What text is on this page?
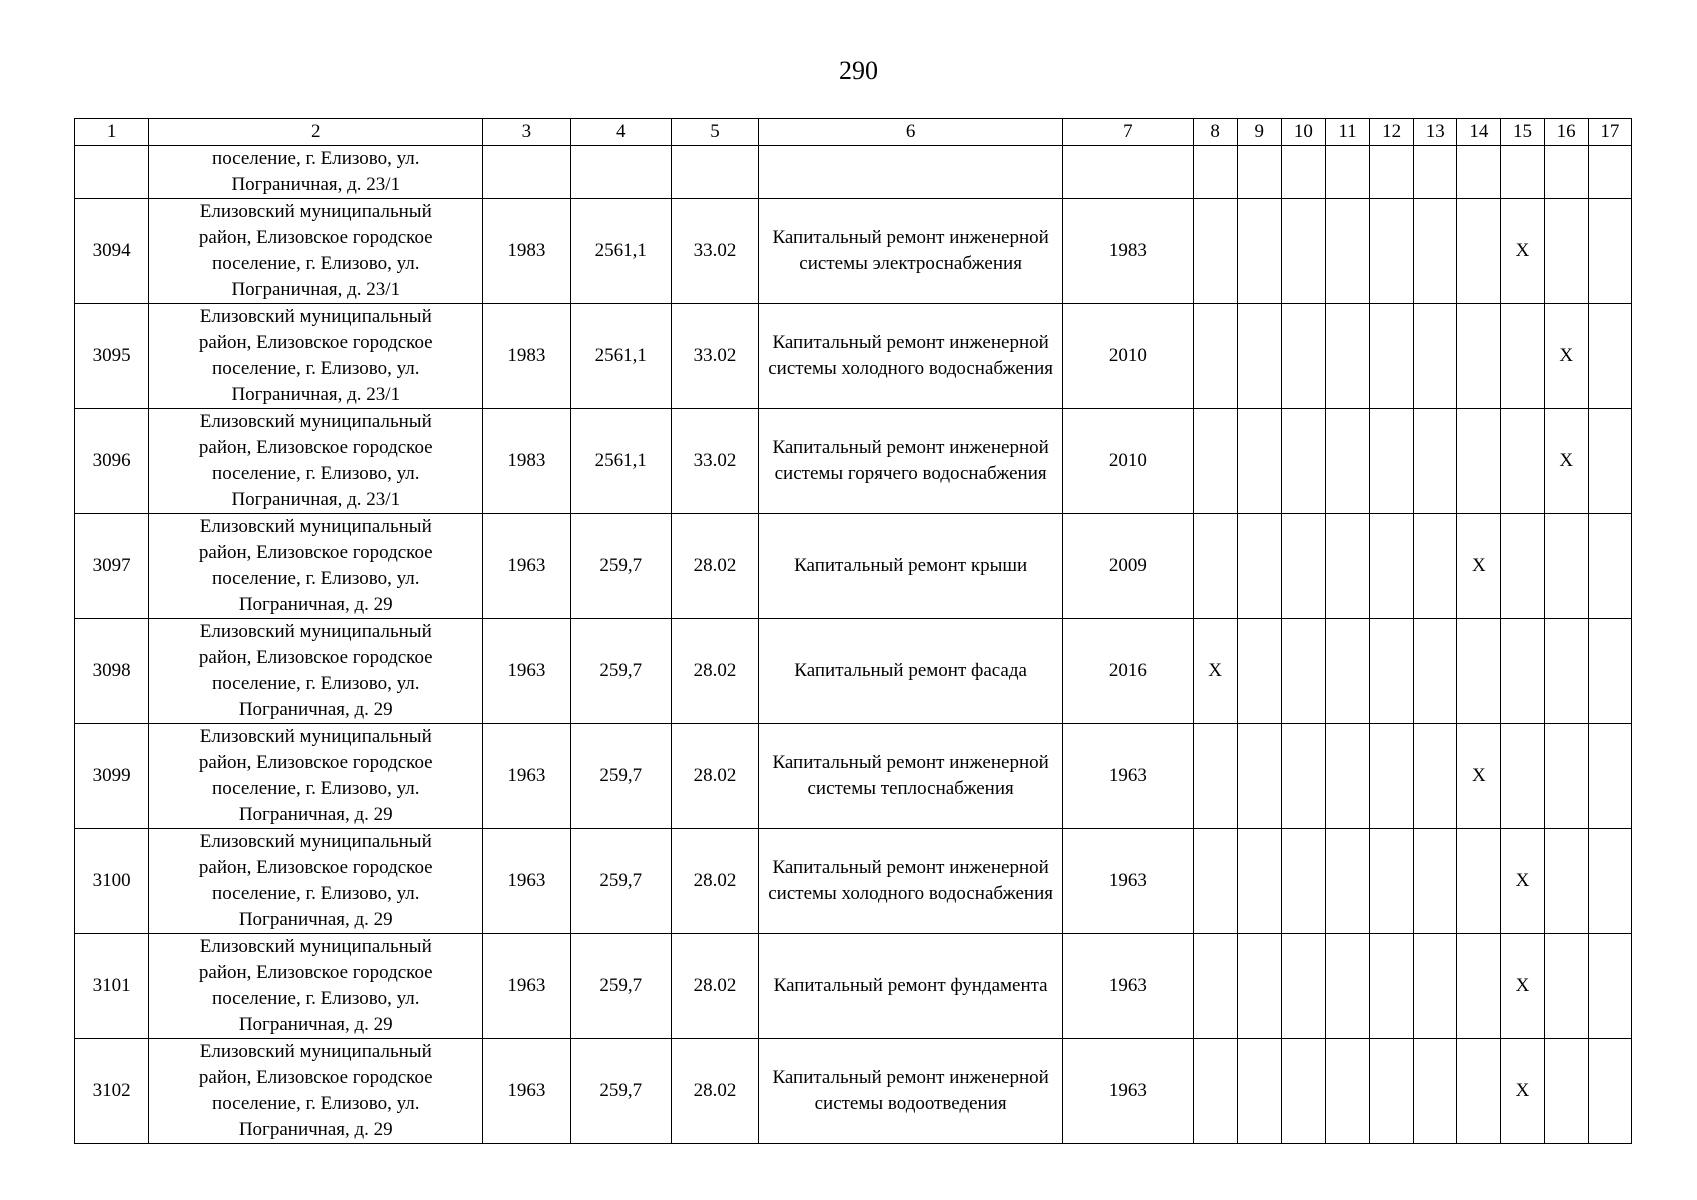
290
1	2	3	4	5	6	7	8	9	10	11	12	13	14	15	16	17

	поселение, г. Елизово, ул.
Пограничная, д. 23/1															

3094	Елизовский муниципальный
район, Елизовское городское
поселение, г. Елизово, ул.
Пограничная, д. 23/1	1983	2561,1	33.02	Капитальный ремонт инженерной системы электроснабжения	1983								X		
3095	Елизовский муниципальный
район, Елизовское городское
поселение, г. Елизово, ул.
Пограничная, д. 23/1	1983	2561,1	33.02	Капитальный ремонт инженерной системы холодного водоснабжения	2010									X	
3096	Елизовский муниципальный
район, Елизовское городское
поселение, г. Елизово, ул.
Пограничная, д. 23/1	1983	2561,1	33.02	Капитальный ремонт инженерной системы горячего водоснабжения	2010									X	
3097	Елизовский муниципальный
район, Елизовское городское
поселение, г. Елизово, ул.
Пограничная, д. 29	1963	259,7	28.02	Капитальный ремонт крыши	2009							X			
3098	Елизовский муниципальный
район, Елизовское городское
поселение, г. Елизово, ул.
Пограничная, д. 29	1963	259,7	28.02	Капитальный ремонт фасада	2016	X									
3099	Елизовский муниципальный
район, Елизовское городское
поселение, г. Елизово, ул.
Пограничная, д. 29	1963	259,7	28.02	Капитальный ремонт инженерной системы теплоснабжения	1963							X			
3100	Елизовский муниципальный
район, Елизовское городское
поселение, г. Елизово, ул.
Пограничная, д. 29	1963	259,7	28.02	Капитальный ремонт инженерной системы холодного водоснабжения	1963								X		
3101	Елизовский муниципальный
район, Елизовское городское
поселение, г. Елизово, ул.
Пограничная, д. 29	1963	259,7	28.02	Капитальный ремонт фундамента	1963								X		
3102	Елизовский муниципальный
район, Елизовское городское
поселение, г. Елизово, ул.
Пограничная, д. 29	1963	259,7	28.02	Капитальный ремонт инженерной системы водоотведения	1963								X		
